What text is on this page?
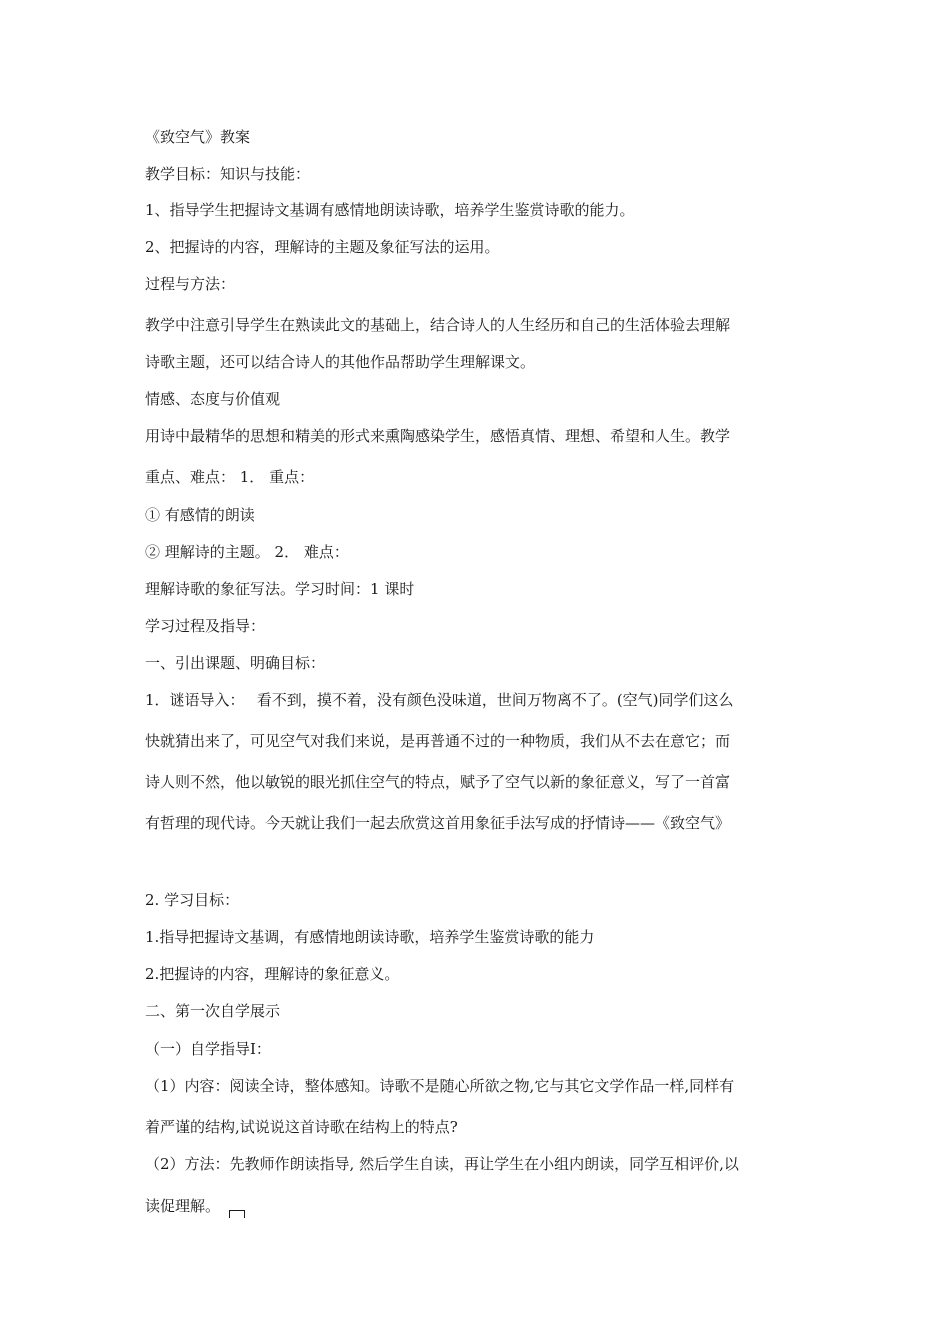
《致空气》教案
教学目标：知识与技能：
1、指导学生把握诗文基调有感情地朗读诗歌，培养学生鉴赏诗歌的能力。
2、把握诗的内容，理解诗的主题及象征写法的运用。
过程与方法：
教学中注意引导学生在熟读此文的基础上，结合诗人的人生经历和自己的生活体验去理解
诗歌主题，还可以结合诗人的其他作品帮助学生理解课文。
情感、态度与价值观
用诗中最精华的思想和精美的形式来熏陶感染学生，感悟真情、理想、希望和人生。教学
重点、难点： 1． 重点：
① 有感情的朗读
② 理解诗的主题。 2． 难点：
理解诗歌的象征写法。学习时间：1 课时
学习过程及指导：
一、引出课题、明确目标：
1．谜语导入：　 看不到，摸不着，没有颜色没味道，世间万物离不了。(空气)同学们这么
快就猜出来了，可见空气对我们来说，是再普通不过的一种物质，我们从不去在意它；而
诗人则不然，他以敏锐的眼光抓住空气的特点，赋予了空气以新的象征意义，写了一首富
有哲理的现代诗。今天就让我们一起去欣赏这首用象征手法写成的抒情诗——《致空气》
2. 学习目标：
1.指导把握诗文基调，有感情地朗读诗歌，培养学生鉴赏诗歌的能力
2.把握诗的内容，理解诗的象征意义。
二、第一次自学展示
（一）自学指导Ⅰ：
（1）内容：阅读全诗，整体感知。诗歌不是随心所欲之物,它与其它文学作品一样,同样有
着严谨的结构,试说说这首诗歌在结构上的特点?
（2）方法：先教师作朗读指导, 然后学生自读，再让学生在小组内朗读，同学互相评价,以
读促理解。
